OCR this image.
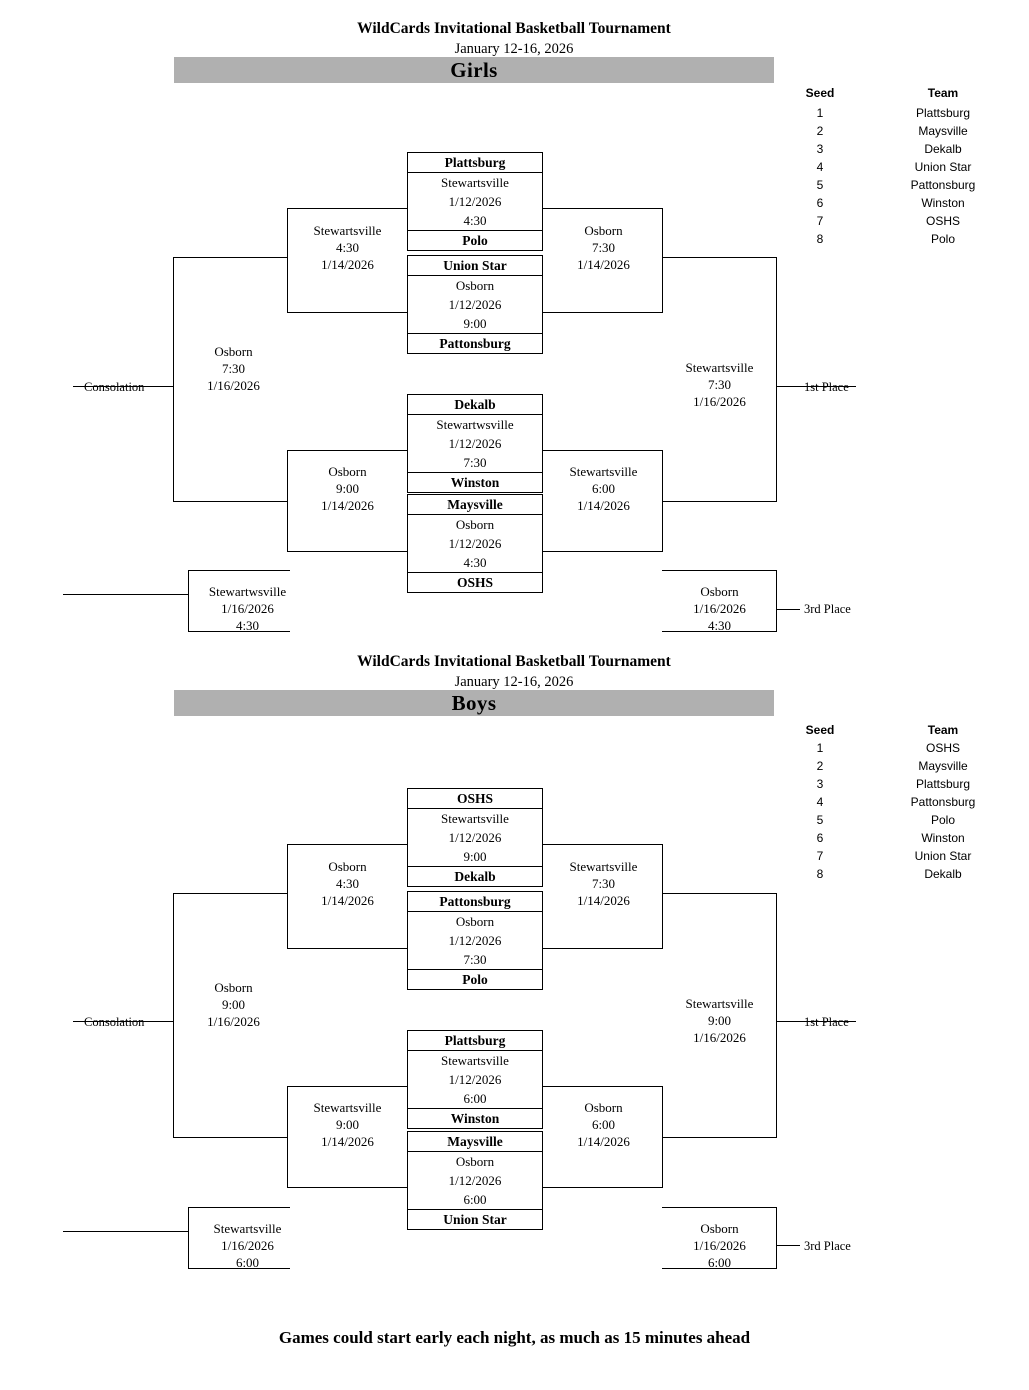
WildCards Invitational Basketball Tournament
January 12-16, 2026
Girls
Seed	Team
1	Plattsburg
2	Maysville
3	Dekalb
4	Union Star
5	Pattonsburg
6	Winston
7	OSHS
8	Polo
Plattsburg
Stewartsville
1/12/2026
4:30
Polo
Union Star
Osborn
1/12/2026
9:00
Pattonsburg
Dekalb
Stewartwsville
1/12/2026
7:30
Winston
Maysville
Osborn
1/12/2026
4:30
OSHS
Stewartsville
4:30
1/14/2026
Osborn
9:00
1/14/2026
Osborn
7:30
1/14/2026
Stewartsville
6:00
1/14/2026
Osborn
7:30
1/16/2026
Stewartsville
7:30
1/16/2026
Consolation	1st Place
3rd Place
Stewartwsville
1/16/2026
4:30
Osborn
1/16/2026
4:30
WildCards Invitational Basketball Tournament
January 12-16, 2026
Boys
Seed	Team
1	OSHS
2	Maysville
3	Plattsburg
4	Pattonsburg
5	Polo
6	Winston
7	Union Star
8	Dekalb
OSHS
Stewartsville
1/12/2026
9:00
Dekalb
Pattonsburg
Osborn
1/12/2026
7:30
Polo
Plattsburg
Stewartsville
1/12/2026
6:00
Winston
Maysville
Osborn
1/12/2026
6:00
Union Star
Osborn
4:30
1/14/2026
Stewartsville
9:00
1/14/2026
Stewartsville
7:30
1/14/2026
Osborn
6:00
1/14/2026
Osborn
9:00
1/16/2026
Stewartsville
9:00
1/16/2026
Consolation	1st Place
3rd Place
Stewartsville
1/16/2026
6:00
Osborn
1/16/2026
6:00
Games could start early each night, as much as 15 minutes ahead
